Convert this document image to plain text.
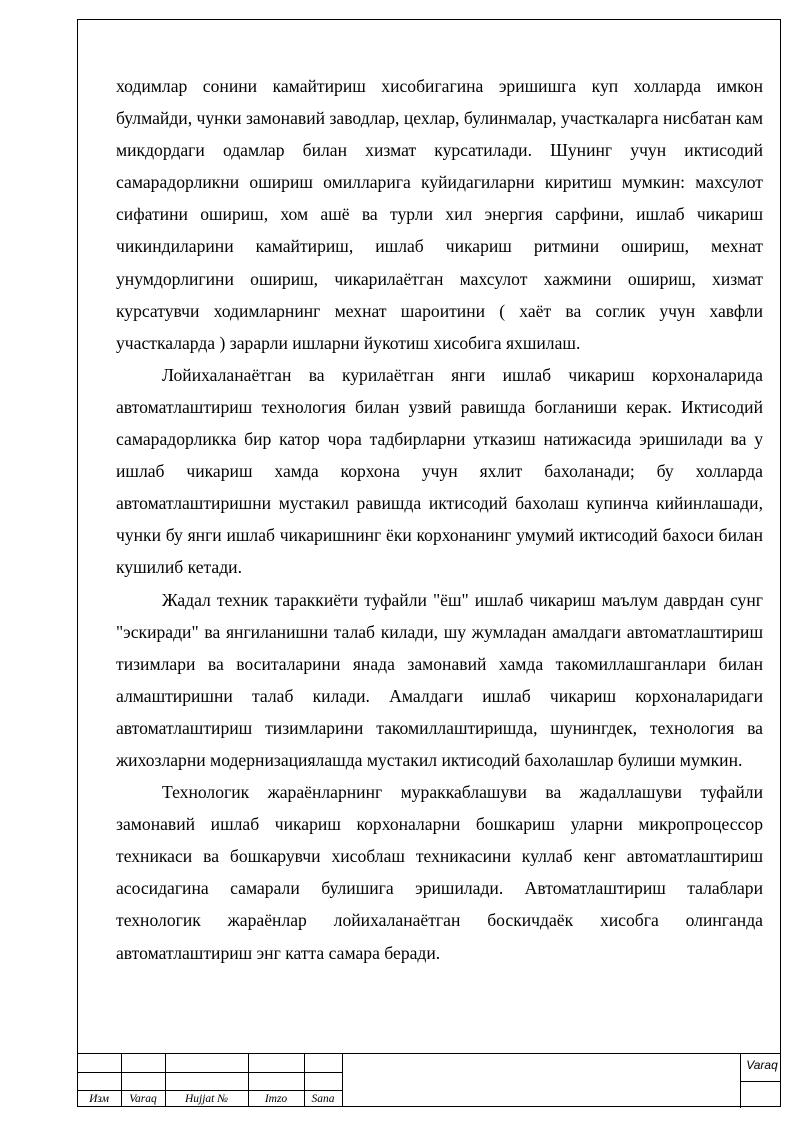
ходимлар сонини камайтириш хисобигагина эришишга куп холларда имкон булмайди, чунки замонавий заводлар, цехлар, булинмалар, участкаларга нисбатан кам микдордаги одамлар билан хизмат курсатилади. Шунинг учун иктисодий самарадорликни ошириш омилларига куйидагиларни киритиш мумкин: махсулот сифатини ошириш, хом ашё ва турли хил энергия сарфини, ишлаб чикариш чикиндиларини камайтириш, ишлаб чикариш ритмини ошириш, мехнат унумдорлигини ошириш, чикарилаётган махсулот хажмини ошириш, хизмат курсатувчи ходимларнинг мехнат шароитини ( хаёт ва соглик учун хавфли участкаларда ) зарарли ишларни йукотиш хисобига яхшилаш.

Лойихаланаётган ва курилаётган янги ишлаб чикариш корхоналарида автоматлаштириш технология билан узвий равишда богланиши керак. Иктисодий самарадорликка бир катор чора тадбирларни утказиш натижасида эришилади ва у ишлаб чикариш хамда корхона учун яхлит бахоланади; бу холларда автоматлаштиришни мустакил равишда иктисодий бахолаш купинча кийинлашади, чунки бу янги ишлаб чикаришнинг ёки корхонанинг умумий иктисодий бахоси билан кушилиб кетади.

Жадал техник тараккиёти туфайли "ёш" ишлаб чикариш маълум даврдан сунг "эскиради" ва янгиланишни талаб килади, шу жумладан амалдаги автоматлаштириш тизимлари ва воситаларини янада замонавий хамда такомиллашганлари билан алмаштиришни талаб килади. Амалдаги ишлаб чикариш корхоналаридаги автоматлаштириш тизимларини такомиллаштиришда, шунингдек, технология ва жихозларни модернизациялашда мустакил иктисодий бахолашлар булиши мумкин.

Технологик жараёнларнинг мураккаблашуви ва жадаллашуви туфайли замонавий ишлаб чикариш корхоналарни бошкариш уларни микропроцессор техникаси ва бошкарувчи хисоблаш техникасини куллаб кенг автоматлаштириш асосидагина самарали булишига эришилади. Автоматлаштириш талаблари технологик жараёнлар лойихаланаётган боскичдаёк хисобга олинганда автоматлаштириш энг катта самара беради.

Изм	Varaq	Hujjat №	Imzo	Sana
Varaq
